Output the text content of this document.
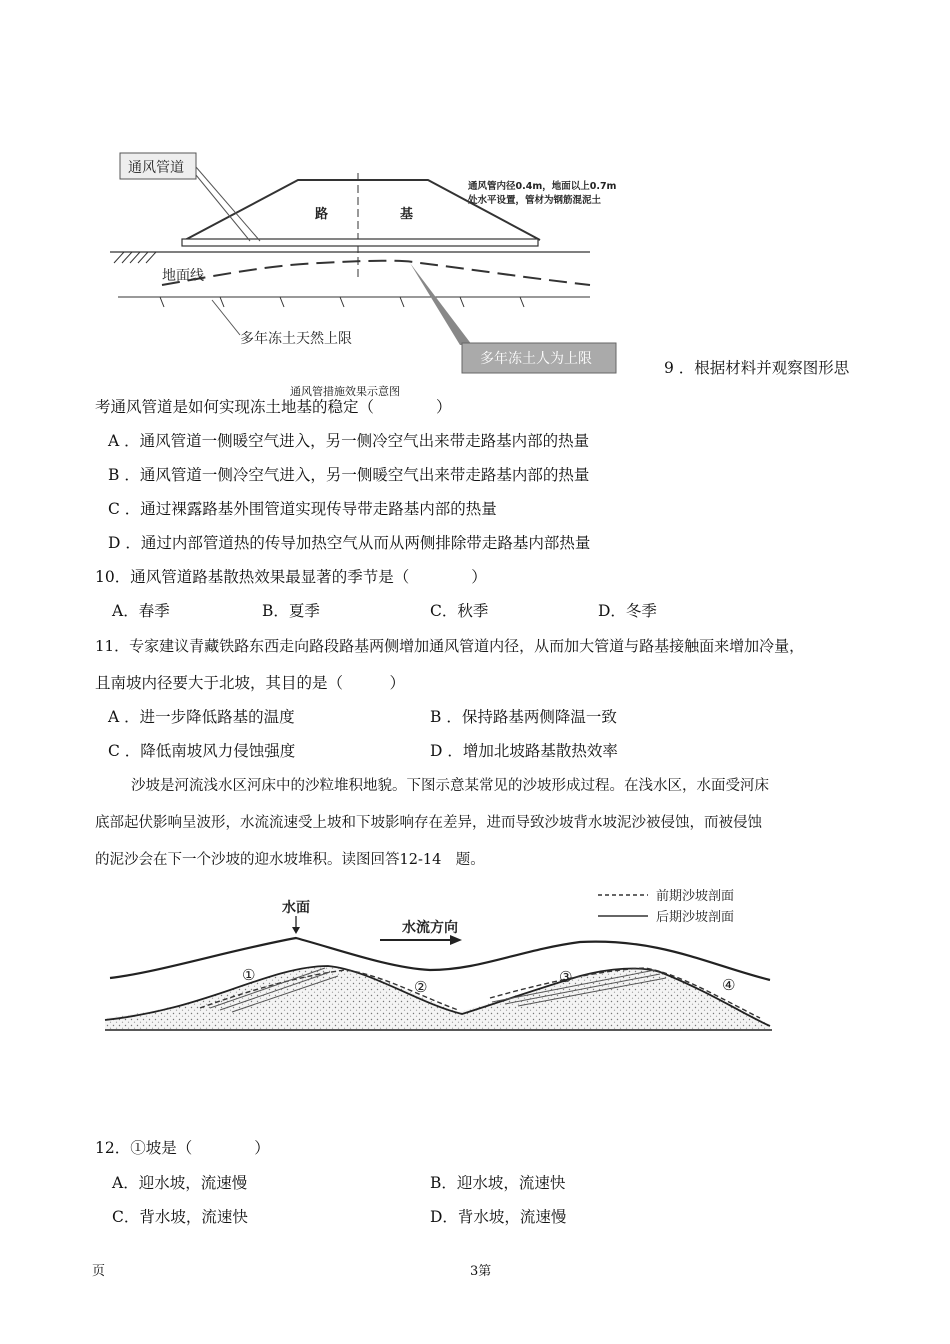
通风管道
路	基
通风管内径0.4m，地面以上0.7m
处水平设置，管材为钢筋混泥土
地面线
多年冻土天然上限
多年冻土人为上限	9 ．根据材料并观察图形思
通风管措施效果示意图
考通风管道是如何实现冻土地基的稳定（　　　　）
A ．通风管道一侧暖空气进入，另一侧冷空气出来带走路基内部的热量
B ．通风管道一侧冷空气进入，另一侧暖空气出来带走路基内部的热量
C ．通过裸露路基外围管道实现传导带走路基内部的热量
D ．通过内部管道热的传导加热空气从而从两侧排除带走路基内部热量
10．通风管道路基散热效果最显著的季节是（　　　　）
A．春季	B．夏季	C．秋季	D．冬季
11．专家建议青藏铁路东西走向路段路基两侧增加通风管道内径，从而加大管道与路基接触面来增加冷量，
且南坡内径要大于北坡，其目的是（　　　）
A ．进一步降低路基的温度	B ．保持路基两侧降温一致
C ．降低南坡风力侵蚀强度	D ．增加北坡路基散热效率
沙坡是河流浅水区河床中的沙粒堆积地貌。下图示意某常见的沙坡形成过程。在浅水区，水面受河床
底部起伏影响呈波形，水流流速受上坡和下坡影响存在差异，进而导致沙坡背水坡泥沙被侵蚀，而被侵蚀
的泥沙会在下一个沙坡的迎水坡堆积。读图回答12-14　题。
前期沙坡剖面
后期沙坡剖面
水面
水流方向
①
②
③	④
12．①坡是（　　　　）
A．迎水坡，流速慢	B．迎水坡，流速快
C．背水坡，流速快	D．背水坡，流速慢
页	3第
